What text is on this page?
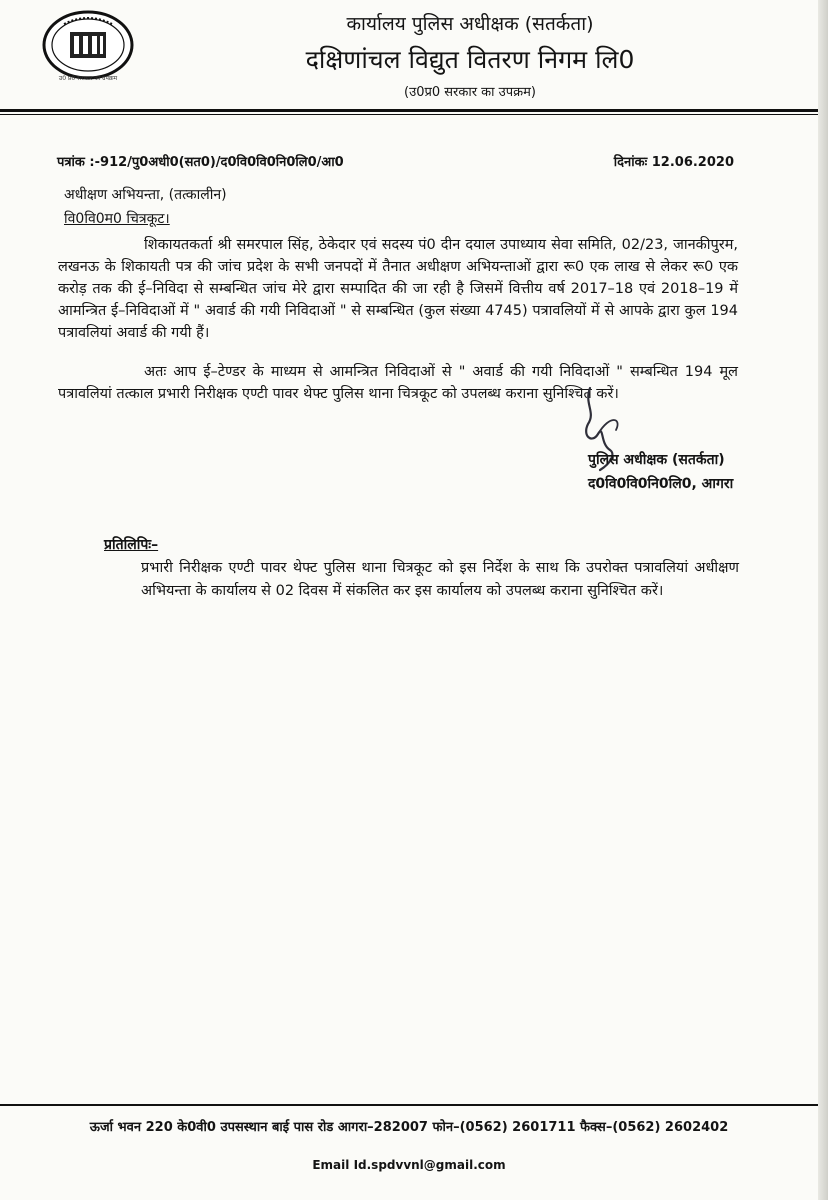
उ0 प्र0 सरकार का उपक्रम
कार्यालय पुलिस अधीक्षक (सतर्कता)
दक्षिणांचल विद्युत वितरण निगम लि0
(उ0प्र0 सरकार का उपक्रम)
पत्रांक :-912/पु0अधी0(सत0)/द0वि0वि0नि0लि0/आ0	दिनांकः 12.06.2020
अधीक्षण अभियन्ता, (तत्कालीन)
वि0वि0म0 चित्रकूट।

शिकायतकर्ता श्री समरपाल सिंह, ठेकेदार एवं सदस्य पं0 दीन दयाल उपाध्याय सेवा समिति, 02/23, जानकीपुरम, लखनऊ के शिकायती पत्र की जांच प्रदेश के सभी जनपदों में तैनात अधीक्षण अभियन्ताओं द्वारा रू0 एक लाख से लेकर रू0 एक करोड़ तक की ई–निविदा से सम्बन्धित जांच मेरे द्वारा सम्पादित की जा रही है जिसमें वित्तीय वर्ष 2017–18 एवं 2018–19 में आमन्त्रित ई–निविदाओं में " अवार्ड की गयी निविदाओं " से सम्बन्धित (कुल संख्या 4745) पत्रावलियों में से आपके द्वारा कुल 194 पत्रावलियां अवार्ड की गयी हैं।

अतः आप ई–टेण्डर के माध्यम से आमन्त्रित निविदाओं से " अवार्ड की गयी निविदाओं " सम्बन्धित 194 मूल पत्रावलियां तत्काल प्रभारी निरीक्षक एण्टी पावर थेफ्ट पुलिस थाना चित्रकूट को उपलब्ध कराना सुनिश्चित करें।

पुलिस अधीक्षक (सतर्कता)
द0वि0वि0नि0लि0, आगरा
प्रतिलिपिः–

प्रभारी निरीक्षक एण्टी पावर थेफ्ट पुलिस थाना चित्रकूट को इस निर्देश के साथ कि उपरोक्त पत्रावलियां अधीक्षण अभियन्ता के कार्यालय से 02 दिवस में संकलित कर इस कार्यालय को उपलब्ध कराना सुनिश्चित करें।

ऊर्जा भवन 220 के0वी0 उपसस्थान बाई पास रोड आगरा–282007 फोन–(0562) 2601711 फैक्स–(0562) 2602402
Email Id.spdvvnl@gmail.com
